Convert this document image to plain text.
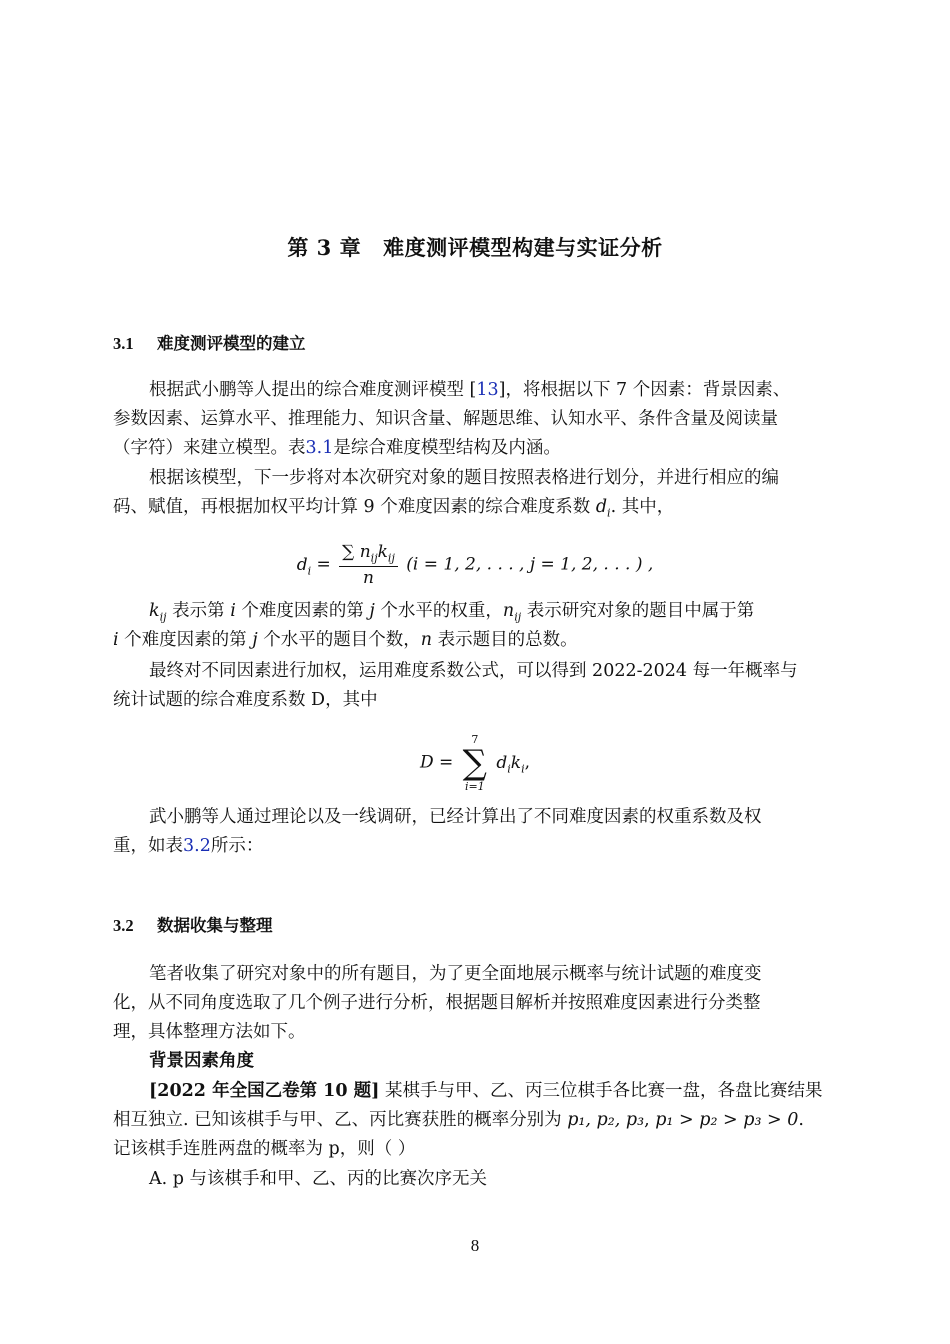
第 3 章 难度测评模型构建与实证分析
3.1 难度测评模型的建立
根据武小鹏等人提出的综合难度测评模型 [13]，将根据以下 7 个因素：背景因素、
参数因素、运算水平、推理能力、知识含量、解题思维、认知水平、条件含量及阅读量
（字符）来建立模型。表3.1是综合难度模型结构及内涵。
根据该模型，下一步将对本次研究对象的题目按照表格进行划分，并进行相应的编
码、赋值，再根据加权平均计算 9 个难度因素的综合难度系数 $d_i$. 其中，
$d_i = \frac{\sum n_{ij}k_{ij}}{n} (i = 1$, 2, . . . , j = 1, 2, . . . ) ,
$k_{ij}$ 表示第 i 个难度因素的第 j 个水平的权重，$n_{ij}$ 表示研究对象的题目中属于第
i 个难度因素的第 j 个水平的题目个数，n 表示题目的总数。
最终对不同因素进行加权，运用难度系数公式，可以得到 2022-2024 每一年概率与
统计试题的综合难度系数 D，其中
D =
7
∑
i=1
$d_ik_i$,
武小鹏等人通过理论以及一线调研，已经计算出了不同难度因素的权重系数及权
重，如表3.2所示：
3.2 数据收集与整理
笔者收集了研究对象中的所有题目，为了更全面地展示概率与统计试题的难度变
化，从不同角度选取了几个例子进行分析，根据题目解析并按照难度因素进行分类整
理，具体整理方法如下。
背景因素角度
[2022 年全国乙卷第 10 题] 某棋手与甲、乙、丙三位棋手各比赛一盘，各盘比赛结果
相互独立. 已知该棋手与甲、乙、丙比赛获胜的概率分别为 p₁, p₂, p₃, p₁ > p₂ > p₃ > 0.
记该棋手连胜两盘的概率为 p，则（ ）
A. p 与该棋手和甲、乙、丙的比赛次序无关
8
